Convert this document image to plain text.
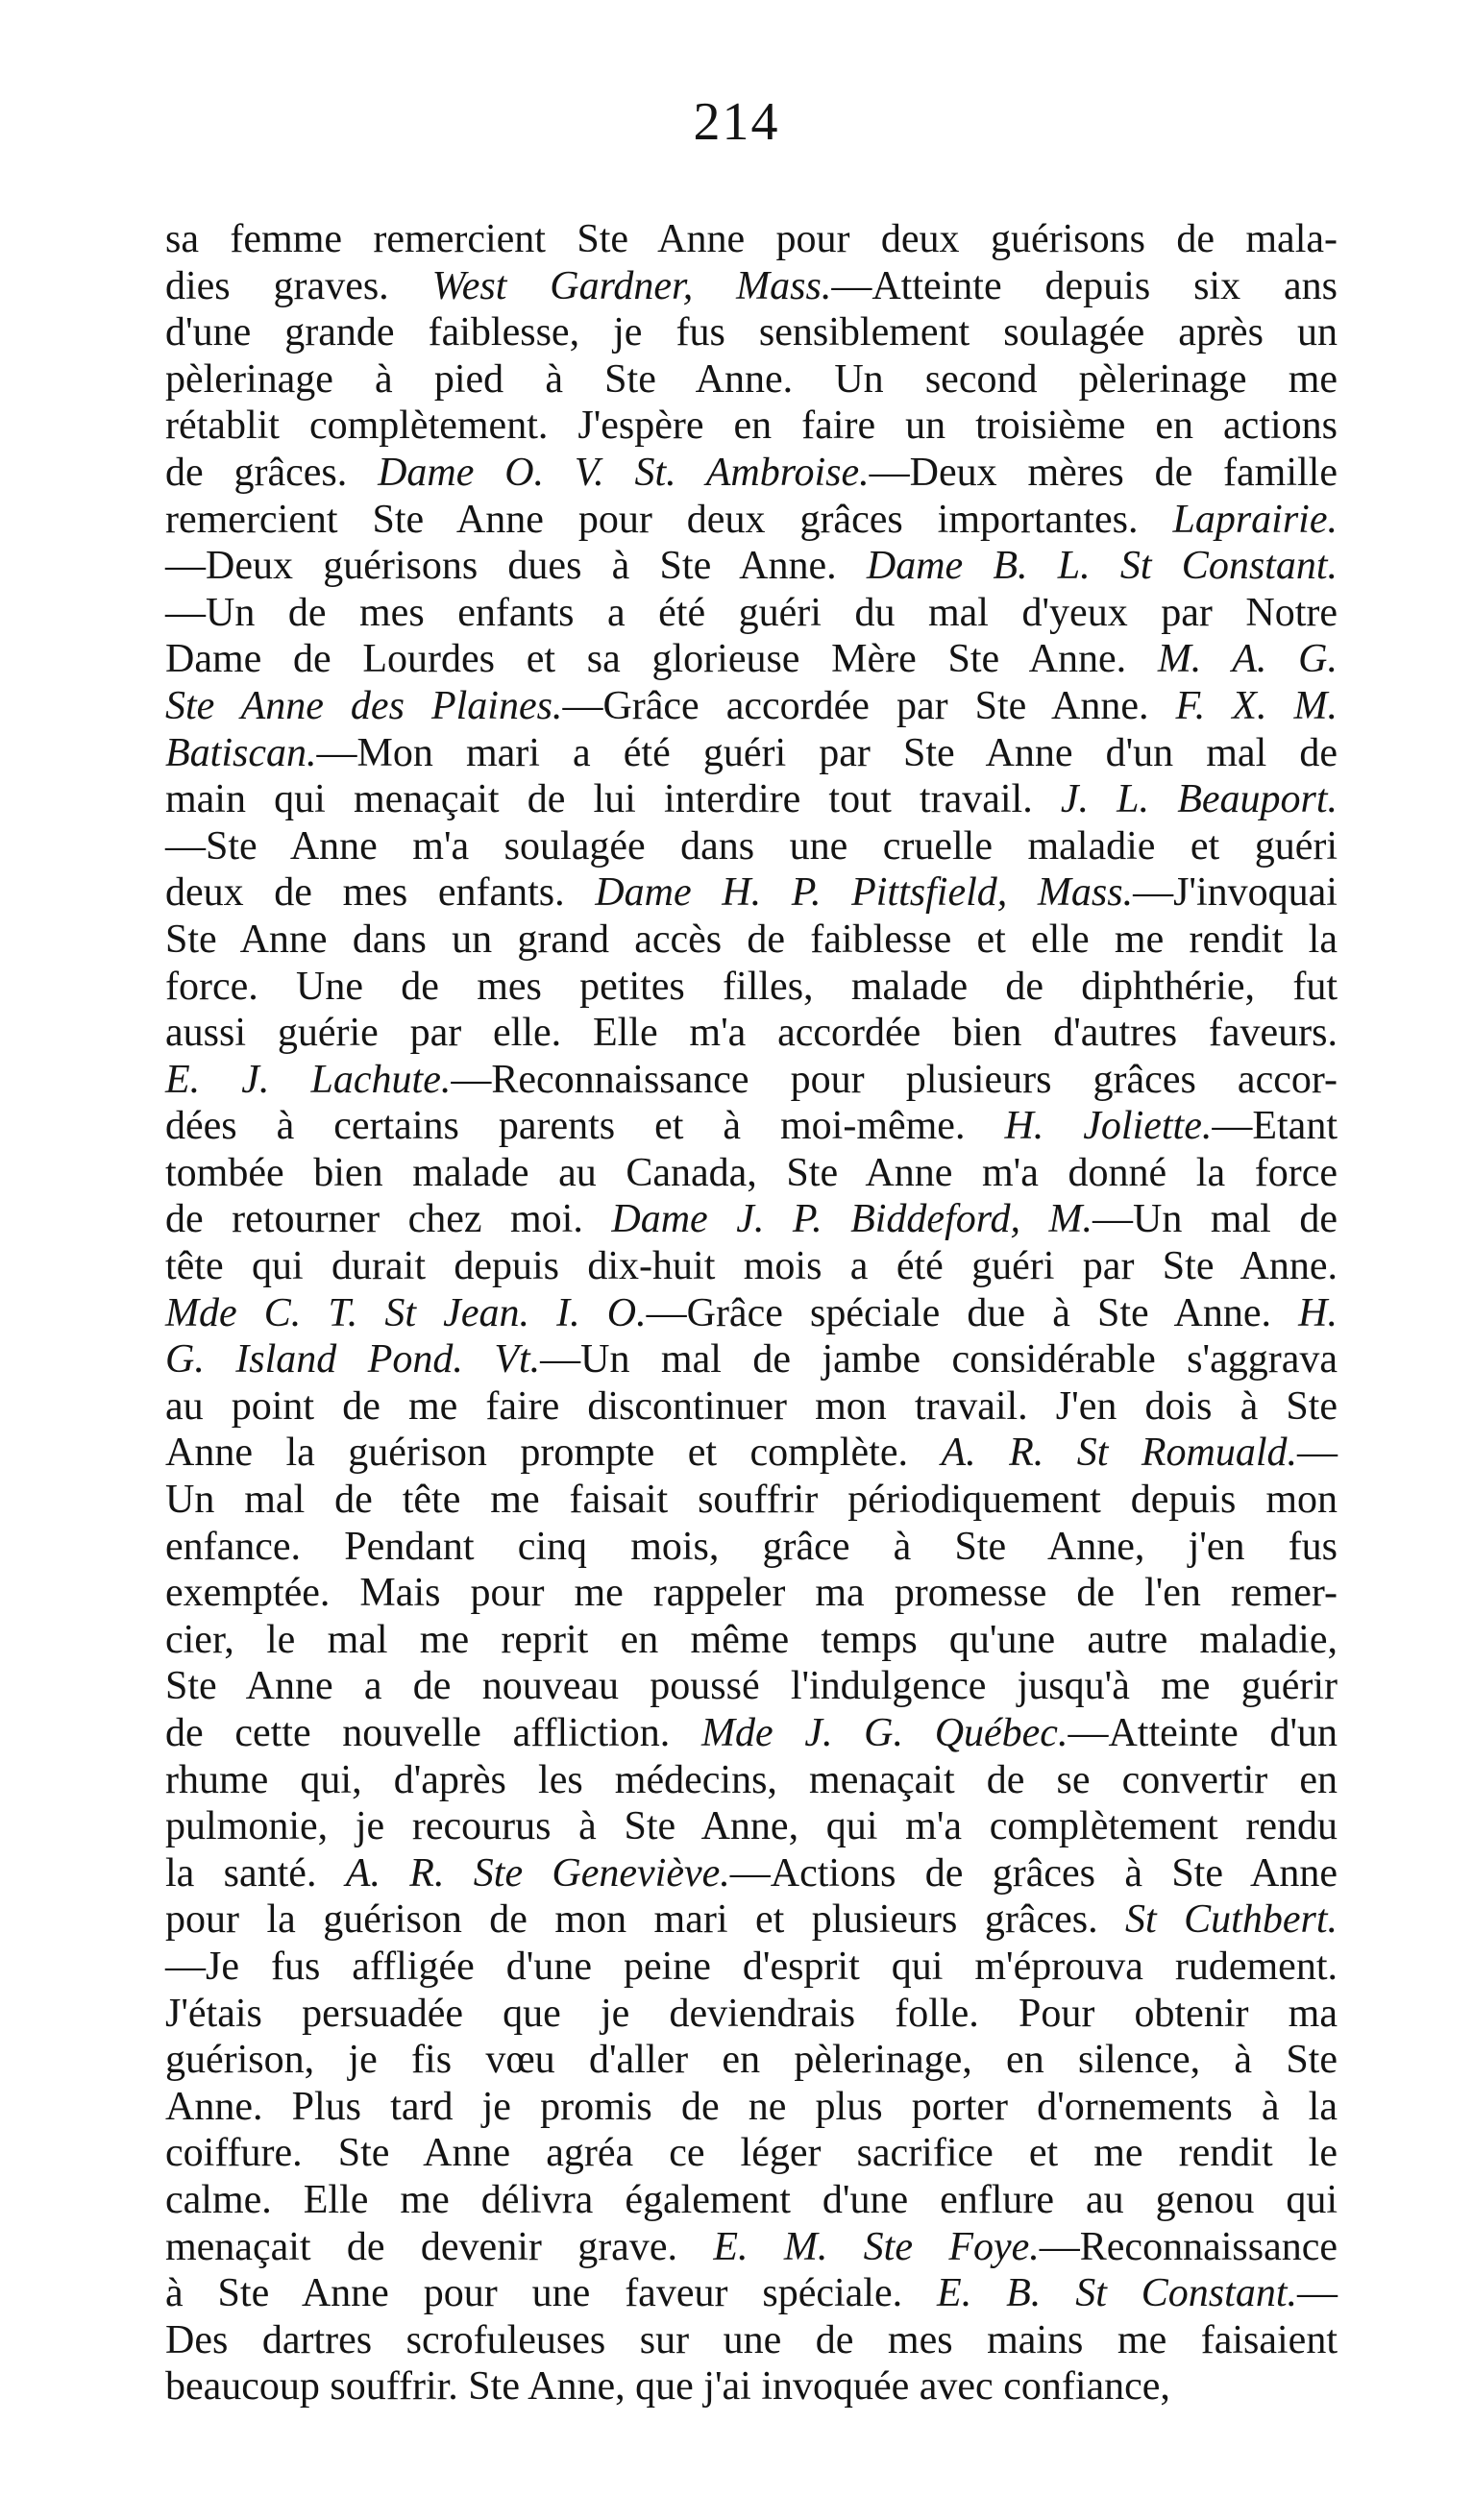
214
sa femme remercient Ste Anne pour deux guérisons de mala-
dies graves. West Gardner, Mass.—Atteinte depuis six ans
d'une grande faiblesse, je fus sensiblement soulagée après un
pèlerinage à pied à Ste Anne. Un second pèlerinage me
rétablit complètement. J'espère en faire un troisième en actions
de grâces. Dame O. V. St. Ambroise.—Deux mères de famille
remercient Ste Anne pour deux grâces importantes. Laprairie.
—Deux guérisons dues à Ste Anne. Dame B. L. St Constant.
—Un de mes enfants a été guéri du mal d'yeux par Notre
Dame de Lourdes et sa glorieuse Mère Ste Anne. M. A. G.
Ste Anne des Plaines.—Grâce accordée par Ste Anne. F. X. M.
Batiscan.—Mon mari a été guéri par Ste Anne d'un mal de
main qui menaçait de lui interdire tout travail. J. L. Beauport.
—Ste Anne m'a soulagée dans une cruelle maladie et guéri
deux de mes enfants. Dame H. P. Pittsfield, Mass.—J'invoquai
Ste Anne dans un grand accès de faiblesse et elle me rendit la
force. Une de mes petites filles, malade de diphthérie, fut
aussi guérie par elle. Elle m'a accordée bien d'autres faveurs.
E. J. Lachute.—Reconnaissance pour plusieurs grâces accor-
dées à certains parents et à moi-même. H. Joliette.—Etant
tombée bien malade au Canada, Ste Anne m'a donné la force
de retourner chez moi. Dame J. P. Biddeford, M.—Un mal de
tête qui durait depuis dix-huit mois a été guéri par Ste Anne.
Mde C. T. St Jean. I. O.—Grâce spéciale due à Ste Anne. H.
G. Island Pond. Vt.—Un mal de jambe considérable s'aggrava
au point de me faire discontinuer mon travail. J'en dois à Ste
Anne la guérison prompte et complète. A. R. St Romuald.—
Un mal de tête me faisait souffrir périodiquement depuis mon
enfance. Pendant cinq mois, grâce à Ste Anne, j'en fus
exemptée. Mais pour me rappeler ma promesse de l'en remer-
cier, le mal me reprit en même temps qu'une autre maladie,
Ste Anne a de nouveau poussé l'indulgence jusqu'à me guérir
de cette nouvelle affliction. Mde J. G. Québec.—Atteinte d'un
rhume qui, d'après les médecins, menaçait de se convertir en
pulmonie, je recourus à Ste Anne, qui m'a complètement rendu
la santé. A. R. Ste Geneviève.—Actions de grâces à Ste Anne
pour la guérison de mon mari et plusieurs grâces. St Cuthbert.
—Je fus affligée d'une peine d'esprit qui m'éprouva rudement.
J'étais persuadée que je deviendrais folle. Pour obtenir ma
guérison, je fis vœu d'aller en pèlerinage, en silence, à Ste
Anne. Plus tard je promis de ne plus porter d'ornements à la
coiffure. Ste Anne agréa ce léger sacrifice et me rendit le
calme. Elle me délivra également d'une enflure au genou qui
menaçait de devenir grave. E. M. Ste Foye.—Reconnaissance
à Ste Anne pour une faveur spéciale. E. B. St Constant.—
Des dartres scrofuleuses sur une de mes mains me faisaient
beaucoup souffrir. Ste Anne, que j'ai invoquée avec confiance,
